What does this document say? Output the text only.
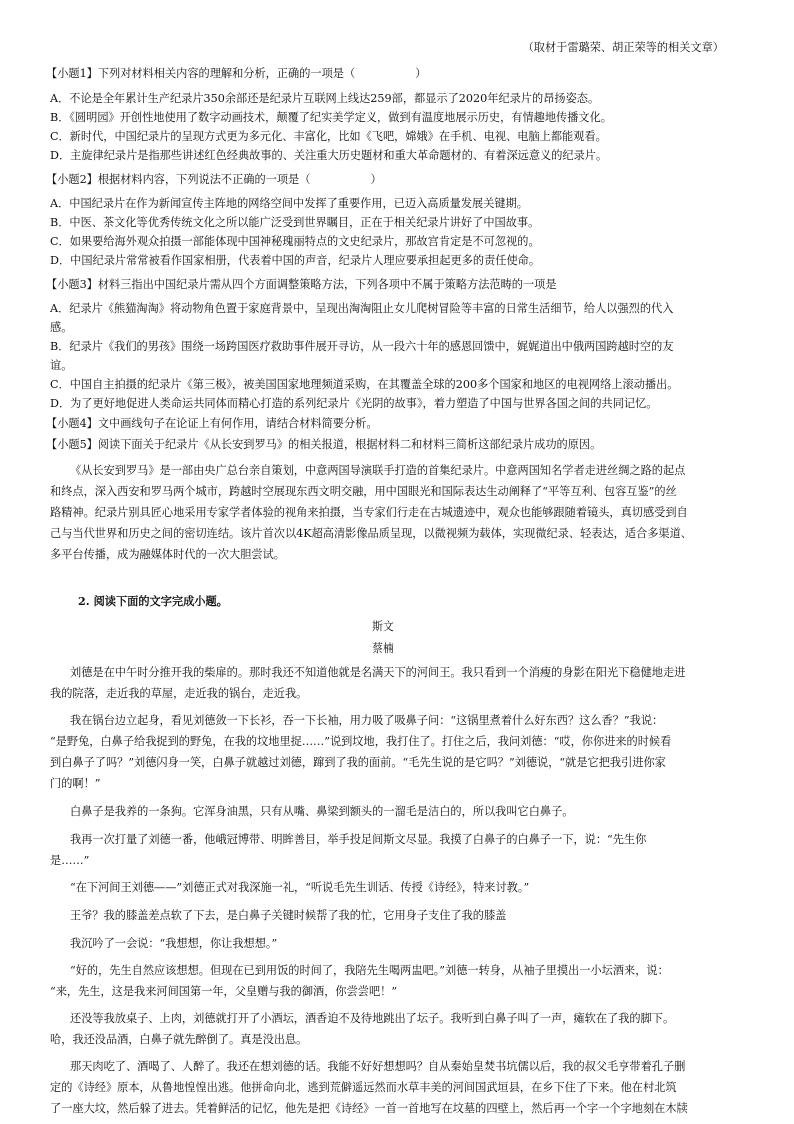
（取材于雷璐荣、胡正荣等的相关文章）
【小题1】下列对材料相关内容的理解和分析，正确的一项是（	）
A．不论是全年累计生产纪录片350余部还是纪录片互联网上线达259部，都显示了2020年纪录片的昂扬姿态。
B．《圆明园》开创性地使用了数字动画技术，颠覆了纪实美学定义，做到有温度地展示历史，有情趣地传播文化。
C．新时代，中国纪录片的呈现方式更为多元化、丰富化，比如《飞吧，嫦娥》在手机、电视、电脑上都能观看。
D．主旋律纪录片是指那些讲述红色经典故事的、关注重大历史题材和重大革命题材的、有着深远意义的纪录片。
【小题2】根据材料内容，下列说法不正确的一项是（	）
A．中国纪录片在作为新闻宣传主阵地的网络空间中发挥了重要作用，已迈入高质量发展关键期。
B．中医、茶文化等优秀传统文化之所以能广泛受到世界瞩目，正在于相关纪录片讲好了中国故事。
C．如果要给海外观众拍摄一部能体现中国神秘瑰丽特点的文史纪录片，那故宫肯定是不可忽视的。
D．中国纪录片常常被看作国家相册，代表着中国的声音，纪录片人理应要承担起更多的责任使命。
【小题3】材料三指出中国纪录片需从四个方面调整策略方法，下列各项中不属于策略方法范畴的一项是
A．纪录片《熊猫淘淘》将动物角色置于家庭背景中，呈现出淘淘阻止女儿爬树冒险等丰富的日常生活细节，给人以强烈的代入
感。
B．纪录片《我们的男孩》围绕一场跨国医疗救助事件展开寻访，从一段六十年的感恩回馈中，娓娓道出中俄两国跨越时空的友
谊。
C．中国自主拍摄的纪录片《第三极》，被美国国家地理频道采购，在其覆盖全球的200多个国家和地区的电视网络上滚动播出。
D．为了更好地促进人类命运共同体而精心打造的系列纪录片《光阴的故事》，着力塑造了中国与世界各国之间的共同记忆。
【小题4】文中画线句子在论证上有何作用，请结合材料简要分析。
【小题5】阅读下面关于纪录片《从长安到罗马》的相关报道，根据材料二和材料三简析这部纪录片成功的原因。
《从长安到罗马》是一部由央广总台亲自策划，中意两国导演联手打造的首集纪录片。中意两国知名学者走进丝绸之路的起点
和终点，深入西安和罗马两个城市，跨越时空展现东西文明交融，用中国眼光和国际表达生动阐释了“平等互利、包容互鉴”的丝
路精神。纪录片别具匠心地采用专家学者体验的视角来拍摄，当专家们行走在古城遗迹中，观众也能够跟随着镜头，真切感受到自
己与当代世界和历史之间的密切连结。该片首次以4K超高清影像品质呈现，以微视频为载体，实现微纪录、轻表达，适合多渠道、
多平台传播，成为融媒体时代的一次大胆尝试。
2. 阅读下面的文字完成小题。
斯文
蔡楠
刘德是在中午时分推开我的柴扉的。那时我还不知道他就是名满天下的河间王。我只看到一个消瘦的身影在阳光下稳健地走进
我的院落，走近我的草屋，走近我的锅台，走近我。
我在锅台边立起身，看见刘德敛一下长衫，吞一下长袖，用力吸了吸鼻子问：“这锅里煮着什么好东西？这么香？”我说：
“是野兔，白鼻子给我捉到的野兔，在我的坟地里捉……”说到坟地，我打住了。打住之后，我问刘德：“哎，你你进来的时候看
到白鼻子了吗？”刘德闪身一笑，白鼻子就越过刘德，蹿到了我的面前。“毛先生说的是它吗？”刘德说，“就是它把我引进你家
门的啊！”
白鼻子是我养的一条狗。它浑身油黑，只有从嘴、鼻梁到额头的一溜毛是洁白的，所以我叫它白鼻子。
我再一次打量了刘德一番，他峨冠博带、明眸善目，举手投足间斯文尽显。我摸了白鼻子的白鼻子一下，说：“先生你
是……”
“在下河间王刘德——”刘德正式对我深施一礼，“听说毛先生训话、传授《诗经》，特来讨教。”
王爷？我的膝盖差点软了下去，是白鼻子关键时候帮了我的忙，它用身子支住了我的膝盖
我沉吟了一会说：“我想想，你让我想想。”
“好的，先生自然应该想想。但现在已到用饭的时间了，我陪先生喝两盅吧。”刘德一转身，从袖子里摸出一小坛酒来，说：
“来，先生，这是我来河间国第一年，父皇赠与我的御酒，你尝尝吧！”
还没等我放桌子、上肉，刘德就打开了小酒坛，酒香迫不及待地跳出了坛子。我听到白鼻子叫了一声，瘫软在了我的脚下。
哈，我还没品酒，白鼻子就先醉倒了。真是没出息。
那天肉吃了、酒喝了、人醉了。我还在想刘德的话。我能不好好想想吗？自从秦始皇焚书坑儒以后，我的叔父毛亨带着孔子删
定的《诗经》原本，从鲁地惶惶出逃。他拼命向北，逃到荒僻遥远然而水草丰美的河间国武垣县，在乡下住了下来。他在村北筑
了一座大坟，然后躲了进去。凭着鲜活的记忆，他先是把《诗经》一首一首地写在坟墓的四壁上，然后再一个字一个字地刻在木牍
